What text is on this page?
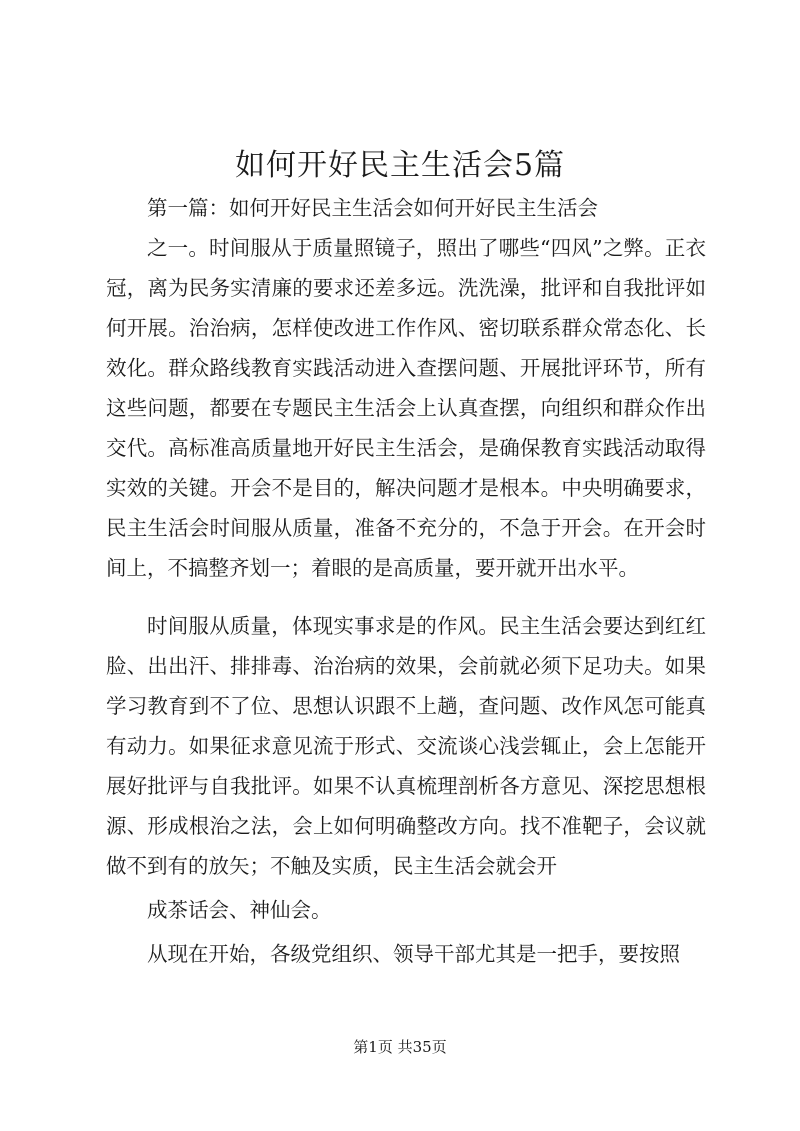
如何开好民主生活会5篇

第一篇：如何开好民主生活会如何开好民主生活会

之一。时间服从于质量照镜子，照出了哪些“四风”之弊。正衣冠，离为民务实清廉的要求还差多远。洗洗澡，批评和自我批评如何开展。治治病，怎样使改进工作作风、密切联系群众常态化、长效化。群众路线教育实践活动进入查摆问题、开展批评环节，所有这些问题，都要在专题民主生活会上认真查摆，向组织和群众作出交代。高标准高质量地开好民主生活会，是确保教育实践活动取得实效的关键。开会不是目的，解决问题才是根本。中央明确要求，民主生活会时间服从质量，准备不充分的，不急于开会。在开会时间上，不搞整齐划一；着眼的是高质量，要开就开出水平。

时间服从质量，体现实事求是的作风。民主生活会要达到红红脸、出出汗、排排毒、治治病的效果，会前就必须下足功夫。如果学习教育到不了位、思想认识跟不上趟，查问题、改作风怎可能真有动力。如果征求意见流于形式、交流谈心浅尝辄止，会上怎能开展好批评与自我批评。如果不认真梳理剖析各方意见、深挖思想根源、形成根治之法，会上如何明确整改方向。找不准靶子，会议就做不到有的放矢；不触及实质，民主生活会就会开

成茶话会、神仙会。

从现在开始，各级党组织、领导干部尤其是一把手，要按照

第1页 共35页
